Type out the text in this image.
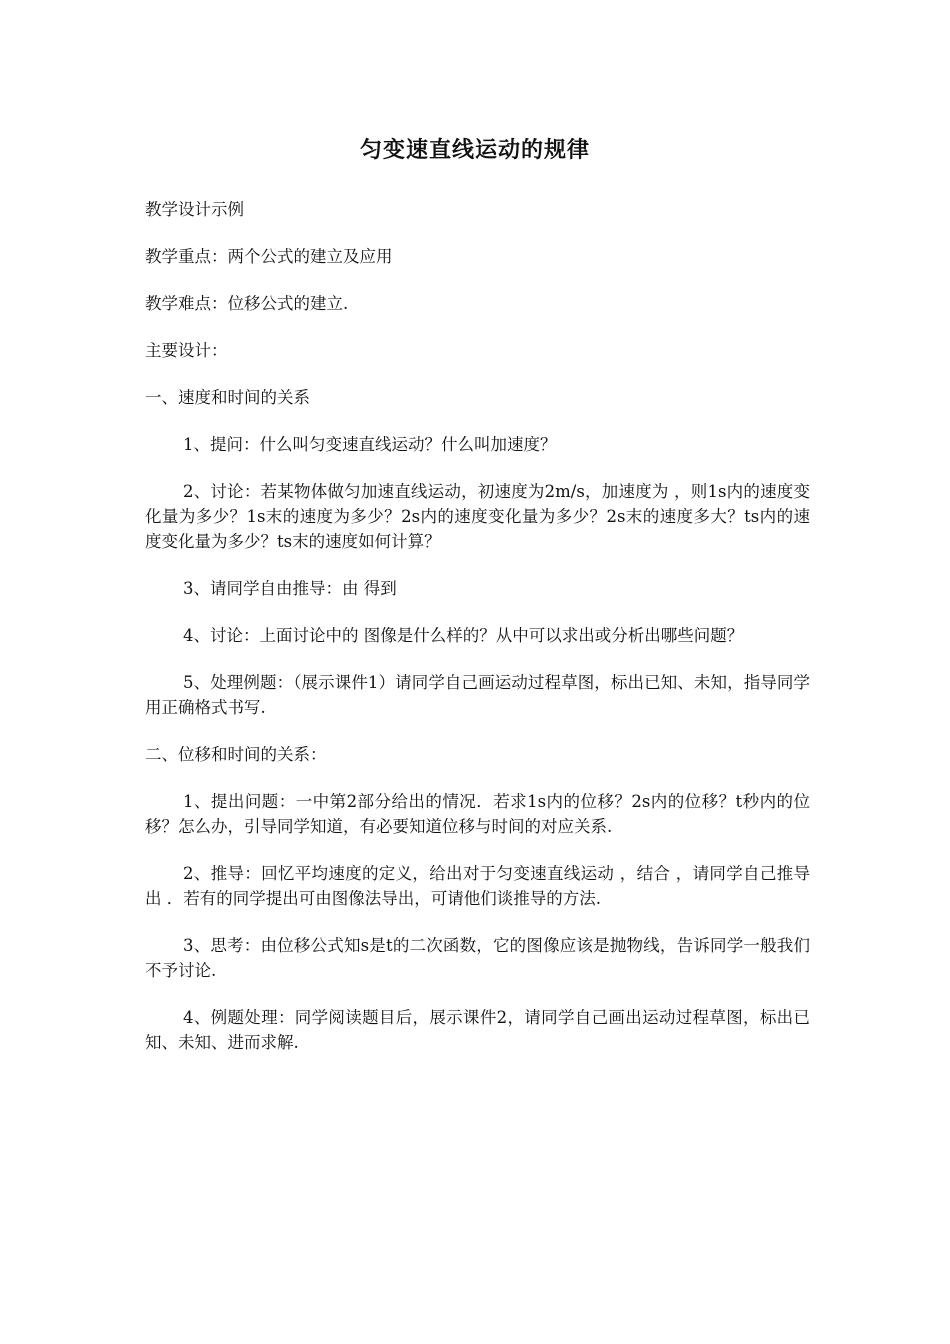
匀变速直线运动的规律

教学设计示例

教学重点：两个公式的建立及应用

教学难点：位移公式的建立.

主要设计：

一、速度和时间的关系

1、提问：什么叫匀变速直线运动？什么叫加速度？

2、讨论：若某物体做匀加速直线运动，初速度为2m/s，加速度为 ，则1s内的速度变化量为多少？1s末的速度为多少？2s内的速度变化量为多少？2s末的速度多大？ts内的速度变化量为多少？ts末的速度如何计算？

3、请同学自由推导：由 得到

4、讨论：上面讨论中的 图像是什么样的？从中可以求出或分析出哪些问题？

5、处理例题：（展示课件1）请同学自己画运动过程草图，标出已知、未知，指导同学用正确格式书写.

二、位移和时间的关系：

1、提出问题：一中第2部分给出的情况．若求1s内的位移？2s内的位移？t秒内的位移？怎么办，引导同学知道，有必要知道位移与时间的对应关系.

2、推导：回忆平均速度的定义，给出对于匀变速直线运动 ，结合 ，请同学自己推导出 ．若有的同学提出可由图像法导出，可请他们谈推导的方法.

3、思考：由位移公式知s是t的二次函数，它的图像应该是抛物线，告诉同学一般我们不予讨论.

4、例题处理：同学阅读题目后，展示课件2，请同学自己画出运动过程草图，标出已知、未知、进而求解.
